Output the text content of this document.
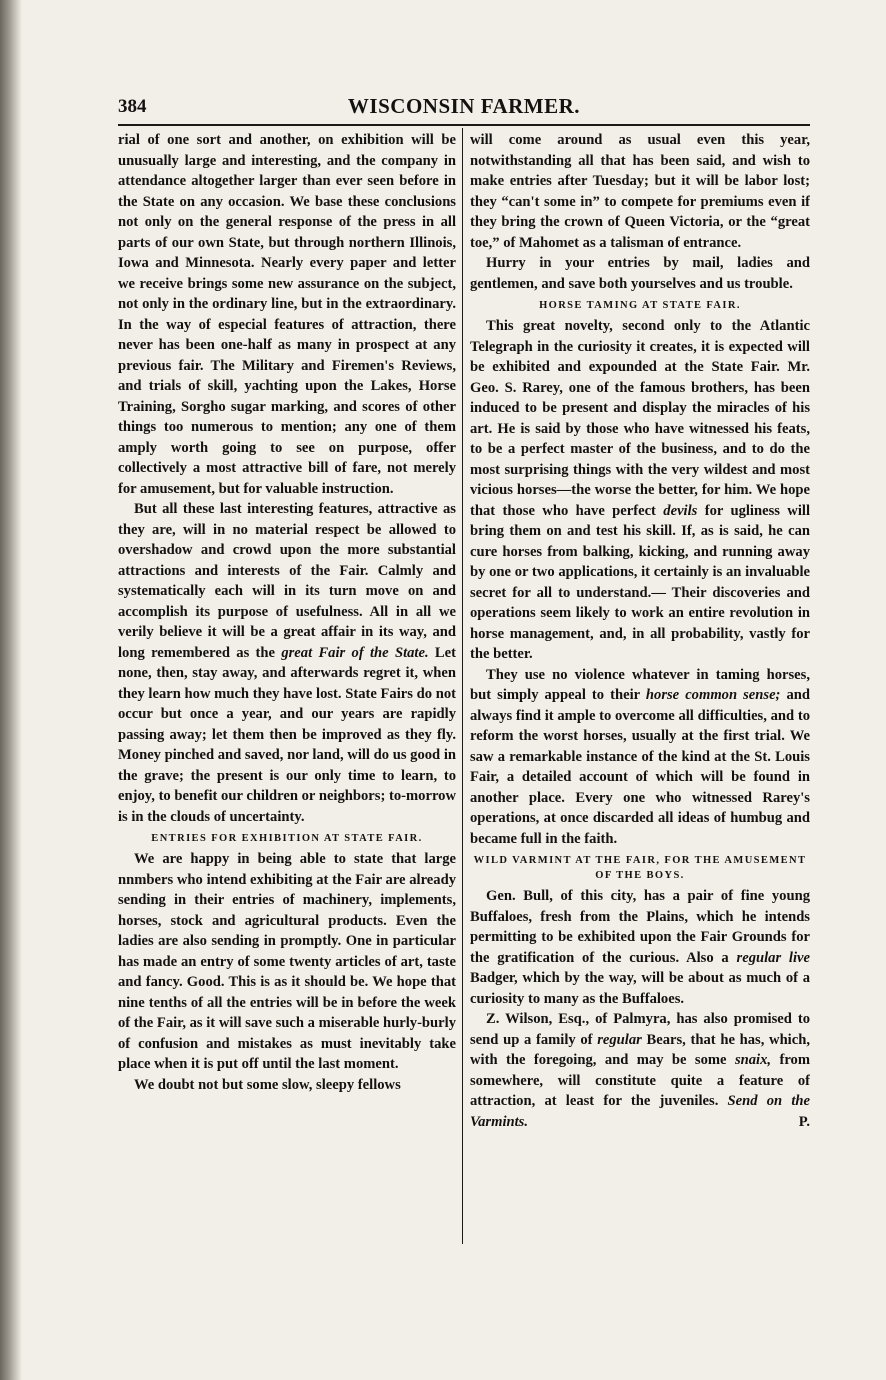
384	WISCONSIN FARMER.

rial of one sort and another, on exhibition will be unusually large and interesting, and the company in attendance altogether larger than ever seen before in the State on any occasion. We base these conclusions not only on the general response of the press in all parts of our own State, but through northern Illinois, Iowa and Minnesota. Nearly every paper and letter we receive brings some new assurance on the subject, not only in the ordinary line, but in the extraordinary. In the way of especial features of attraction, there never has been one-half as many in prospect at any previous fair. The Military and Firemen's Reviews, and trials of skill, yachting upon the Lakes, Horse Training, Sorgho sugar marking, and scores of other things too numerous to mention; any one of them amply worth going to see on purpose, offer collectively a most attractive bill of fare, not merely for amusement, but for valuable instruction.

But all these last interesting features, attractive as they are, will in no material respect be allowed to overshadow and crowd upon the more substantial attractions and interests of the Fair. Calmly and systematically each will in its turn move on and accomplish its purpose of usefulness. All in all we verily believe it will be a great affair in its way, and long remembered as the great Fair of the State. Let none, then, stay away, and afterwards regret it, when they learn how much they have lost. State Fairs do not occur but once a year, and our years are rapidly passing away; let them then be improved as they fly. Money pinched and saved, nor land, will do us good in the grave; the present is our only time to learn, to enjoy, to benefit our children or neighbors; to-morrow is in the clouds of uncertainty.

ENTRIES FOR EXHIBITION AT STATE FAIR.

We are happy in being able to state that large nnmbers who intend exhibiting at the Fair are already sending in their entries of machinery, implements, horses, stock and agricultural products. Even the ladies are also sending in promptly. One in particular has made an entry of some twenty articles of art, taste and fancy. Good. This is as it should be. We hope that nine tenths of all the entries will be in before the week of the Fair, as it will save such a miserable hurly-burly of confusion and mistakes as must inevitably take place when it is put off until the last moment.

We doubt not but some slow, sleepy fellows

will come around as usual even this year, notwithstanding all that has been said, and wish to make entries after Tuesday; but it will be labor lost; they “can't some in” to compete for premiums even if they bring the crown of Queen Victoria, or the “great toe,” of Mahomet as a talisman of entrance.

Hurry in your entries by mail, ladies and gentlemen, and save both yourselves and us trouble.

HORSE TAMING AT STATE FAIR.

This great novelty, second only to the Atlantic Telegraph in the curiosity it creates, it is expected will be exhibited and expounded at the State Fair. Mr. Geo. S. Rarey, one of the famous brothers, has been induced to be present and display the miracles of his art. He is said by those who have witnessed his feats, to be a perfect master of the business, and to do the most surprising things with the very wildest and most vicious horses—the worse the better, for him. We hope that those who have perfect devils for ugliness will bring them on and test his skill. If, as is said, he can cure horses from balking, kicking, and running away by one or two applications, it certainly is an invaluable secret for all to understand.— Their discoveries and operations seem likely to work an entire revolution in horse management, and, in all probability, vastly for the better.

They use no violence whatever in taming horses, but simply appeal to their horse common sense; and always find it ample to overcome all difficulties, and to reform the worst horses, usually at the first trial. We saw a remarkable instance of the kind at the St. Louis Fair, a detailed account of which will be found in another place. Every one who witnessed Rarey's operations, at once discarded all ideas of humbug and became full in the faith.

WILD VARMINT AT THE FAIR, FOR THE AMUSEMENT OF THE BOYS.

Gen. Bull, of this city, has a pair of fine young Buffaloes, fresh from the Plains, which he intends permitting to be exhibited upon the Fair Grounds for the gratification of the curious. Also a regular live Badger, which by the way, will be about as much of a curiosity to many as the Buffaloes.

Z. Wilson, Esq., of Palmyra, has also promised to send up a family of regular Bears, that he has, which, with the foregoing, and may be some snaix, from somewhere, will constitute quite a feature of attraction, at least for the juveniles. Send on the Varmints.	P.
